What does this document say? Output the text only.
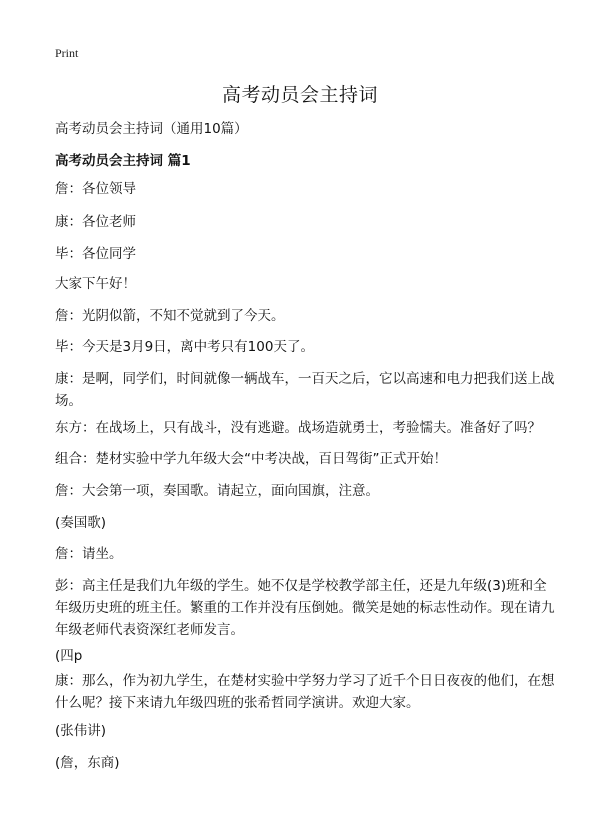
Print
高考动员会主持词
高考动员会主持词（通用10篇）
高考动员会主持词 篇1
詹：各位领导
康：各位老师
毕：各位同学
大家下午好！
詹：光阴似箭，不知不觉就到了今天。
毕：今天是3月9日，离中考只有100天了。
康：是啊，同学们，时间就像一辆战车，一百天之后，它以高速和电力把我们送上战场。
东方：在战场上，只有战斗，没有逃避。战场造就勇士，考验懦夫。准备好了吗？
组合：楚材实验中学九年级大会“中考决战，百日驾街”正式开始！
詹：大会第一项，奏国歌。请起立，面向国旗，注意。
(奏国歌)
詹：请坐。
彭：高主任是我们九年级的学生。她不仅是学校教学部主任，还是九年级(3)班和全年级历史班的班主任。繁重的工作并没有压倒她。微笑是她的标志性动作。现在请九年级老师代表资深红老师发言。
(四p
康：那么，作为初九学生，在楚材实验中学努力学习了近千个日日夜夜的他们，在想什么呢？接下来请九年级四班的张希哲同学演讲。欢迎大家。
(张伟讲)
(詹，东商)
